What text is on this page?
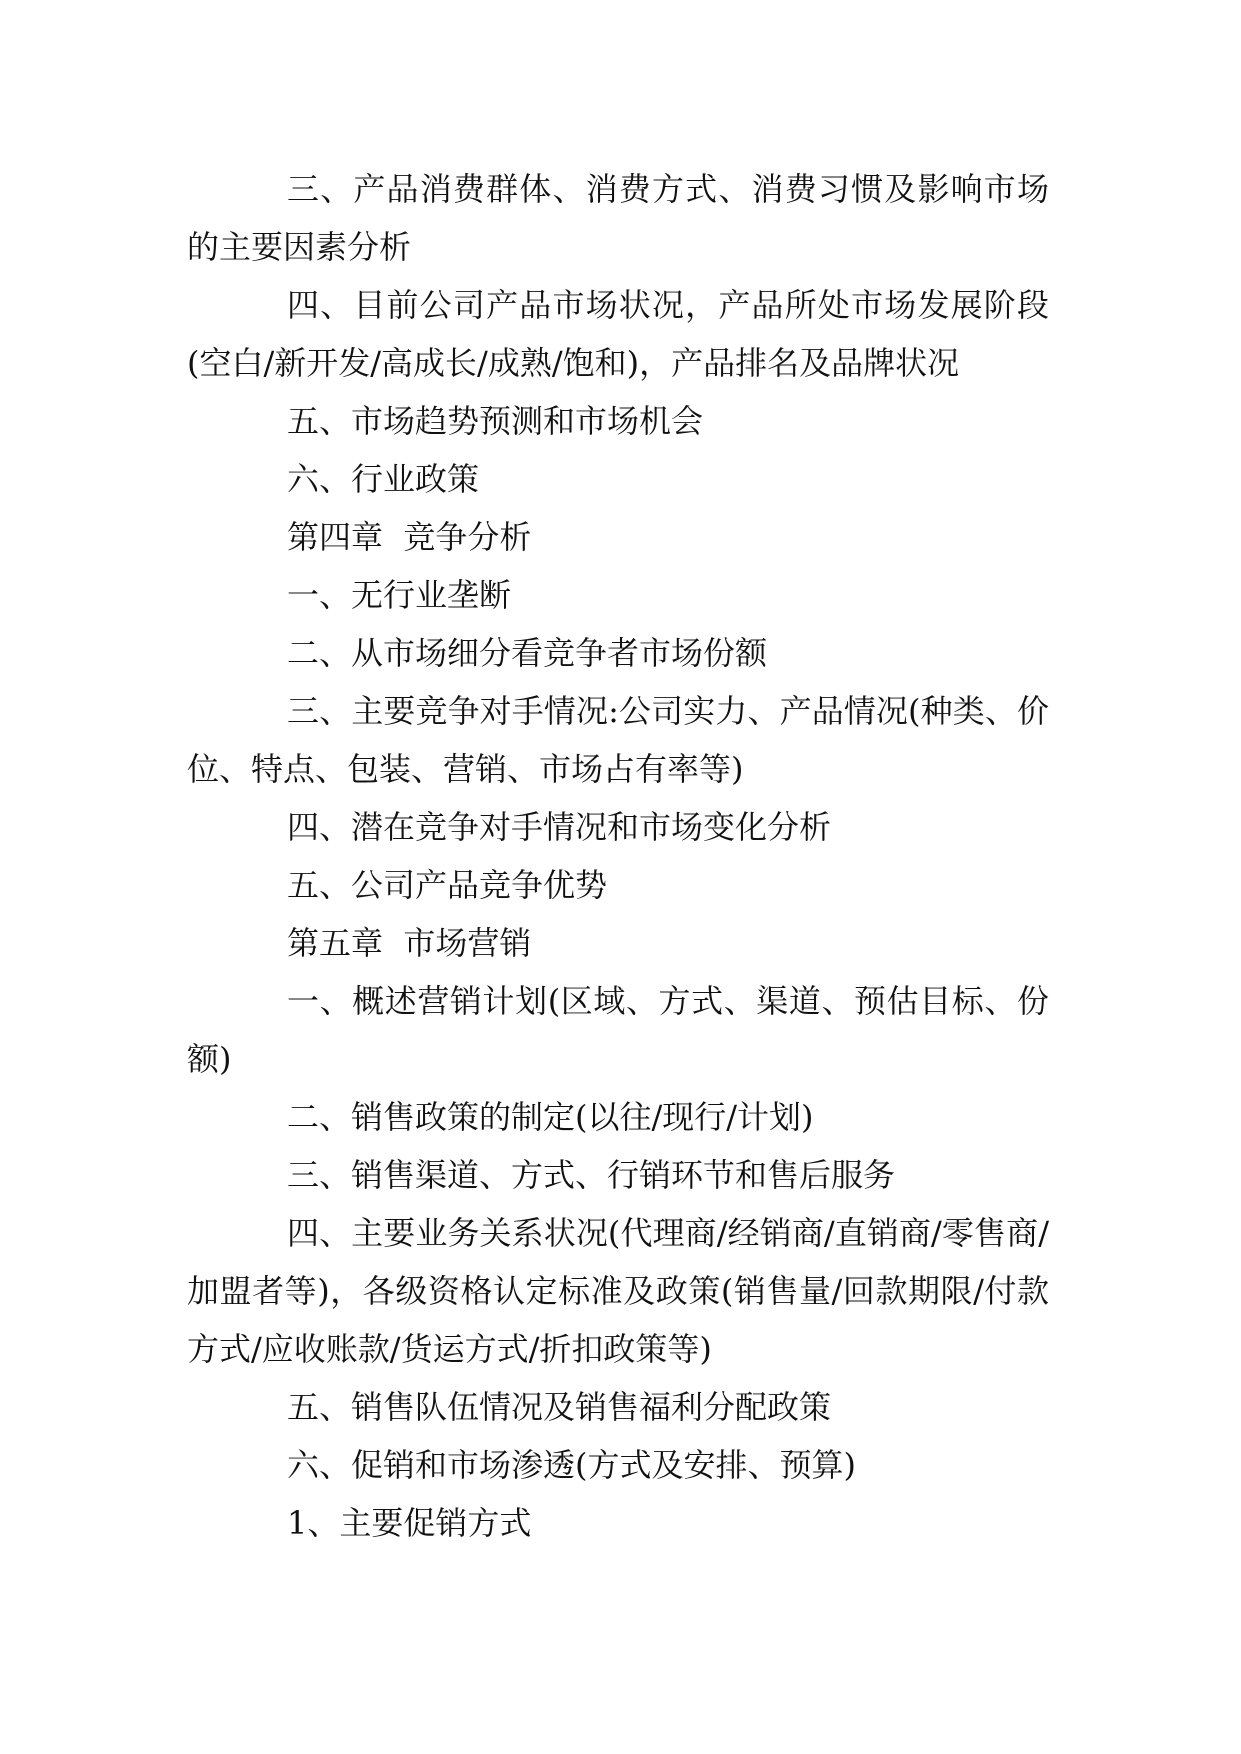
三、产品消费群体、消费方式、消费习惯及影响市场的主要因素分析

四、目前公司产品市场状况，产品所处市场发展阶段(空白/新开发/高成长/成熟/饱和)，产品排名及品牌状况

五、市场趋势预测和市场机会

六、行业政策

第四章  竞争分析

一、无行业垄断

二、从市场细分看竞争者市场份额

三、主要竞争对手情况:公司实力、产品情况(种类、价位、特点、包装、营销、市场占有率等)

四、潜在竞争对手情况和市场变化分析

五、公司产品竞争优势

第五章  市场营销

一、概述营销计划(区域、方式、渠道、预估目标、份额)

二、销售政策的制定(以往/现行/计划)

三、销售渠道、方式、行销环节和售后服务

四、主要业务关系状况(代理商/经销商/直销商/零售商/加盟者等)，各级资格认定标准及政策(销售量/回款期限/付款方式/应收账款/货运方式/折扣政策等)

五、销售队伍情况及销售福利分配政策

六、促销和市场渗透(方式及安排、预算)

1、主要促销方式
